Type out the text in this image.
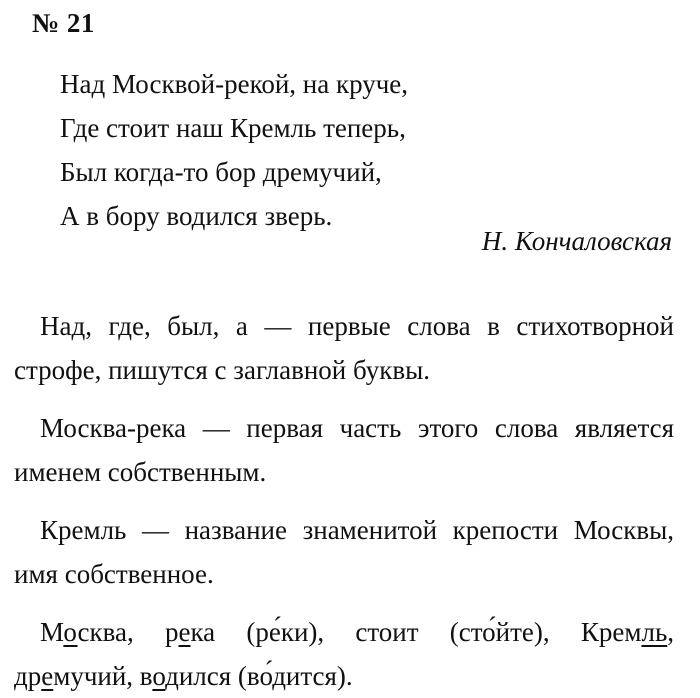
№ 21
Над Москвой-рекой, на круче,
Где стоит наш Кремль теперь,
Был когда-то бор дремучий,
А в бору водился зверь.
Н. Кончаловская

Над, где, был, а — первые слова в стихотворной строфе, пишутся с заглавной буквы.

Москва-река — первая часть этого слова является именем собственным.

Кремль — название знаменитой крепости Москвы, имя собственное.

Москва, река (ре́ки), стоит (сто́йте), Кремль, дремучий, водился (во́дится).
